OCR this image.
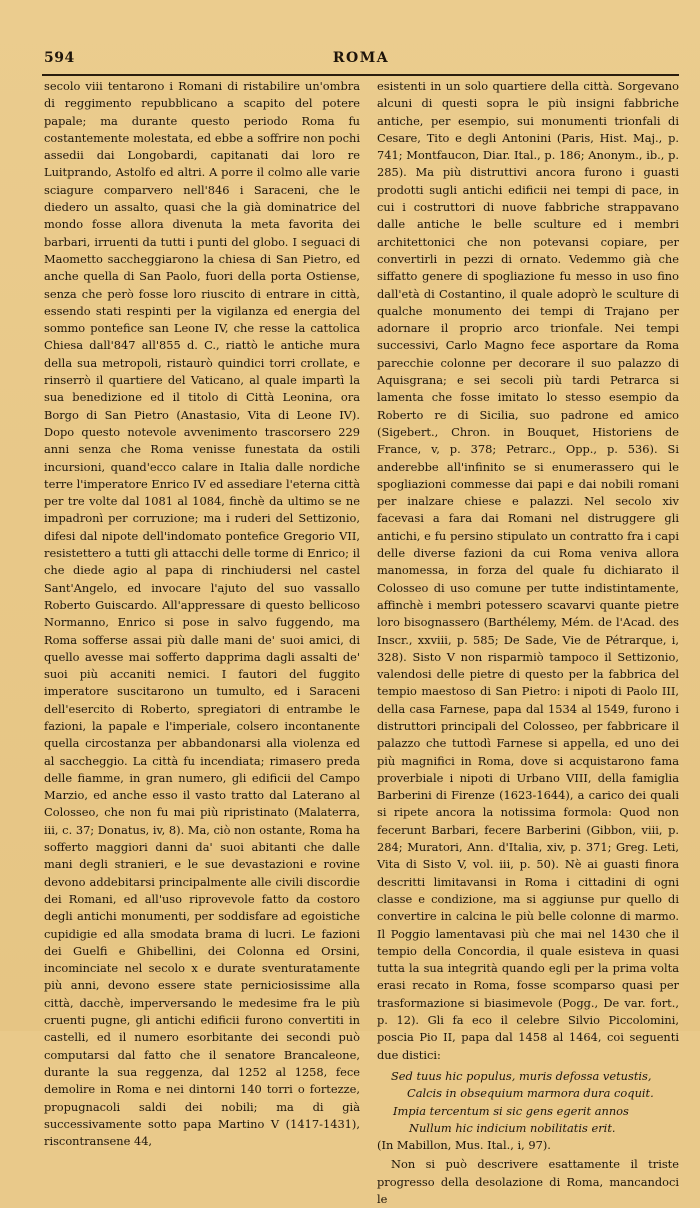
594	ROMA

secolo viii tentarono i Romani di ristabilire un'ombra di reggimento repubblicano a scapito del potere papale; ma durante questo periodo Roma fu costantemente molestata, ed ebbe a soffrire non pochi assedii dai Longobardi, capitanati dai loro re Luitprando, Astolfo ed altri. A porre il colmo alle varie sciagure comparvero nell'846 i Saraceni, che le diedero un assalto, quasi che la già dominatrice del mondo fosse allora divenuta la meta favorita dei barbari, irruenti da tutti i punti del globo. I seguaci di Maometto saccheggiarono la chiesa di San Pietro, ed anche quella di San Paolo, fuori della porta Ostiense, senza che però fosse loro riuscito di entrare in città, essendo stati respinti per la vigilanza ed energia del sommo pontefice san Leone IV, che resse la cattolica Chiesa dall'847 all'855 d. C., riattò le antiche mura della sua metropoli, ristaurò quindici torri crollate, e rinserrò il quartiere del Vaticano, al quale impartì la sua benedizione ed il titolo di Città Leonina, ora Borgo di San Pietro (Anastasio, Vita di Leone IV). Dopo questo notevole avvenimento trascorsero 229 anni senza che Roma venisse funestata da ostili incursioni, quand'ecco calare in Italia dalle nordiche terre l'imperatore Enrico IV ed assediare l'eterna città per tre volte dal 1081 al 1084, finchè da ultimo se ne impadronì per corruzione; ma i ruderi del Settizonio, difesi dal nipote dell'indomato pontefice Gregorio VII, resistettero a tutti gli attacchi delle torme di Enrico; il che diede agio al papa di rinchiudersi nel castel Sant'Angelo, ed invocare l'ajuto del suo vassallo Roberto Guiscardo. All'appressare di questo bellicoso Normanno, Enrico si pose in salvo fuggendo, ma Roma soffersе assai più dalle mani de' suoi amici, di quello avesse mai sofferto dapprima dagli assalti de' suoi più accaniti nemici. I fautori del fuggito imperatore suscitarono un tumulto, ed i Saraceni dell'esercito di Roberto, spregiatori di entrambe le fazioni, la papale e l'imperiale, colsero incontanente quella circostanza per abbandonarsi alla violenza ed al saccheggio. La città fu incendiata; rimasero preda delle fiamme, in gran numero, gli edificii del Campo Marzio, ed anche esso il vasto tratto dal Laterano al Colosseo, che non fu mai più ripristinato (Malaterra, iii, c. 37; Donatus, iv, 8). Ma, ciò non ostante, Roma ha sofferto maggiori danni da' suoi abitanti che dalle mani degli stranieri, e le sue devastazioni e rovine devono addebitarsi principalmente alle civili discordie dei Romani, ed all'uso riprovevole fatto da costoro degli antichi monumenti, per soddisfare ad egoistiche cupidigie ed alla smodata brama di lucri. Le fazioni dei Guelfi e Ghibellini, dei Colonna ed Orsini, incominciate nel secolo x e durate sventuratamente più anni, devono essere state perniciosissime alla città, dacchè, imperversando le medesime fra le più cruenti pugne, gli antichi edificii furono convertiti in castelli, ed il numero esorbitante dei secondi può computarsi dal fatto che il senatore Brancaleone, durante la sua reggenza, dal 1252 al 1258, fece demolire in Roma e nei dintorni 140 torri o fortezze, propugnacoli saldi dei nobili; ma di già successivamente sotto papa Martino V (1417-1431), riscontransene 44,

esistenti in un solo quartiere della città. Sorgevano alcuni di questi sopra le più insigni fabbriche antiche, per esempio, sui monumenti trionfali di Cesare, Tito e degli Antonini (Paris, Hist. Maj., p. 741; Montfaucon, Diar. Ital., p. 186; Anonym., ib., p. 285). Ma più distruttivi ancora furono i guasti prodotti sugli antichi edificii nei tempi di pace, in cui i costruttori di nuove fabbriche strappavano dalle antiche le belle sculture ed i membri architettonici che non potevansi copiare, per convertirli in pezzi di ornato. Vedemmo già che siffatto genere di spogliazione fu messo in uso fino dall'età di Costantino, il quale adoprò le sculture di qualche monumento dei tempi di Trajano per adornare il proprio arco trionfale. Nei tempi successivi, Carlo Magno fece asportare da Roma parecchie colonne per decorare il suo palazzo di Aquisgrana; e sei secoli più tardi Petrarca si lamenta che fosse imitato lo stesso esempio da Roberto re di Sicilia, suo padrone ed amico (Sigebert., Chron. in Bouquet, Historiens de France, v, p. 378; Petrarc., Opp., p. 536). Si anderebbe all'infinito se si enumerassero qui le spogliazioni commesse dai papi e dai nobili romani per inalzare chiese e palazzi. Nel secolo xiv facevasi a fara dai Romani nel distruggere gli antichi, e fu persino stipulato un contratto fra i capi delle diverse fazioni da cui Roma veniva allora manomessa, in forza del quale fu dichiarato il Colosseo di uso comune per tutte indistintamente, affinchè i membri potessero scavarvi quante pietre loro bisognassero (Barthélemy, Mém. de l'Acad. des Inscr., xxviii, p. 585; De Sade, Vie de Pétrarque, i, 328). Sisto V non risparmiò tampoco il Settizonio, valendosi delle pietre di questo per la fabbrica del tempio maestoso di San Pietro: i nipoti di Paolo III, della casa Farnese, papa dal 1534 al 1549, furono i distruttori principali del Colosseo, per fabbricare il palazzo che tuttodì Farnese si appella, ed uno dei più magnifici in Roma, dove si acquistarono fama proverbiale i nipoti di Urbano VIII, della famiglia Barberini di Firenze (1623-1644), a carico dei quali si ripete ancora la notissima formola: Quod non fecerunt Barbari, fecere Barberini (Gibbon, viii, p. 284; Muratori, Ann. d'Italia, xiv, p. 371; Greg. Leti, Vita di Sisto V, vol. iii, p. 50). Nè ai guasti finora descritti limitavansi in Roma i cittadini di ogni classe e condizione, ma si aggiunse pur quello di convertire in calcina le più belle colonne di marmo. Il Poggio lamentavasi più che mai nel 1430 che il tempio della Concordia, il quale esisteva in quasi tutta la sua integrità quando egli per la prima volta erasi recato in Roma, fosse scomparso quasi per trasformazione si biasimevole (Pogg., De var. fort., p. 12). Gli fa eco il celebre Silvio Piccolomini, poscia Pio II, papa dal 1458 al 1464, coi seguenti due distici:

Sed tuus hic populus, muris defossa vetustis,
Calcis in obsequium marmora dura coquit.
Impia tercentum si sic gens egerit annos
Nullum hic indicium nobilitatis erit.
(In Mabillon, Mus. Ital., i, 97).

Non si può descrivere esattamente il triste progresso della desolazione di Roma, mancandoci le
